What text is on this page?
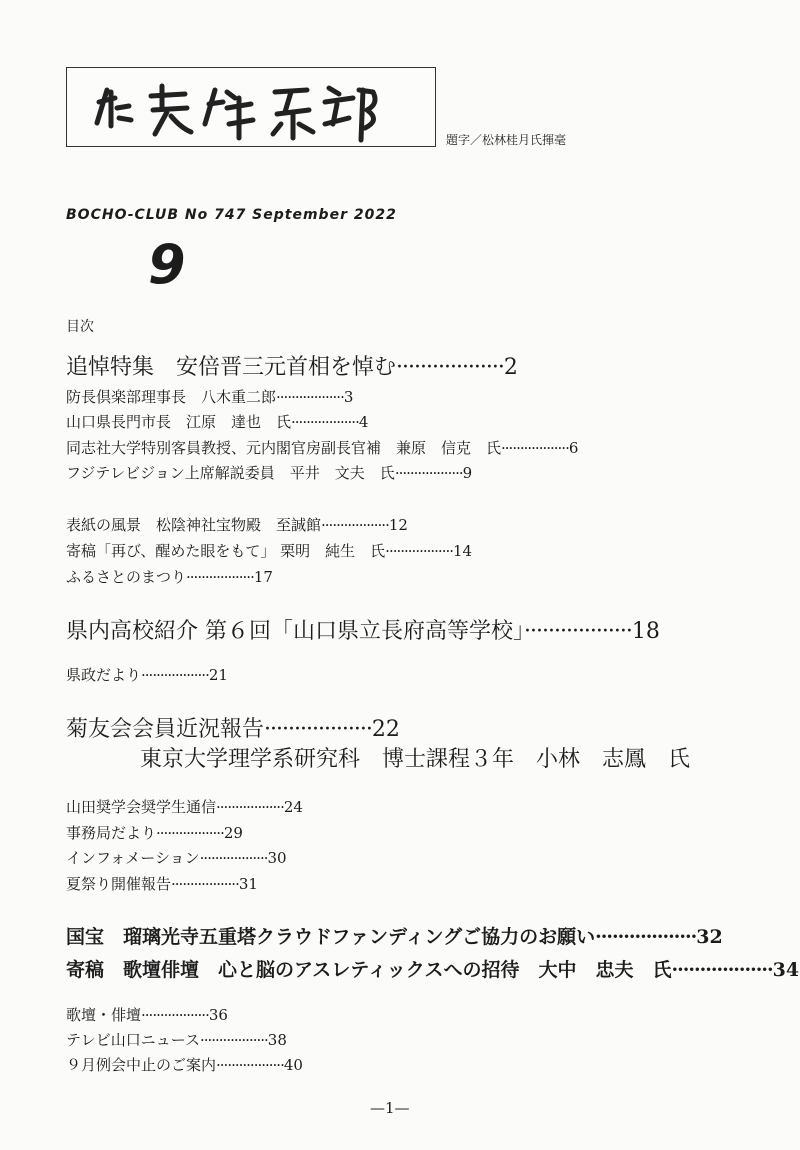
防長倶楽部
題字／松林桂月氏揮毫
BOCHO-CLUB No 747 September 2022
9
目次
追悼特集　安倍晋三元首相を悼む··················2
防長倶楽部理事長　八木重二郎··················3
山口県長門市長　江原　達也　氏··················4
同志社大学特別客員教授、元内閣官房副長官補　兼原　信克　氏··················6
フジテレビジョン上席解説委員　平井　文夫　氏··················9
表紙の風景　松陰神社宝物殿　至誠館··················12
寄稿「再び、醒めた眼をもて」 栗明　純生　氏··················14
ふるさとのまつり··················17
県内高校紹介 第６回「山口県立長府高等学校」··················18
県政だより··················21
菊友会会員近況報告··················22
東京大学理学系研究科　博士課程３年　小林　志鳳　氏
山田奨学会奨学生通信··················24
事務局だより··················29
インフォメーション··················30
夏祭り開催報告··················31
国宝　瑠璃光寺五重塔クラウドファンディングご協力のお願い··················32
寄稿　歌壇俳壇　心と脳のアスレティックスへの招待　大中　忠夫　氏··················34
歌壇・俳壇··················36
テレビ山口ニュース··················38
９月例会中止のご案内··················40
—1—
